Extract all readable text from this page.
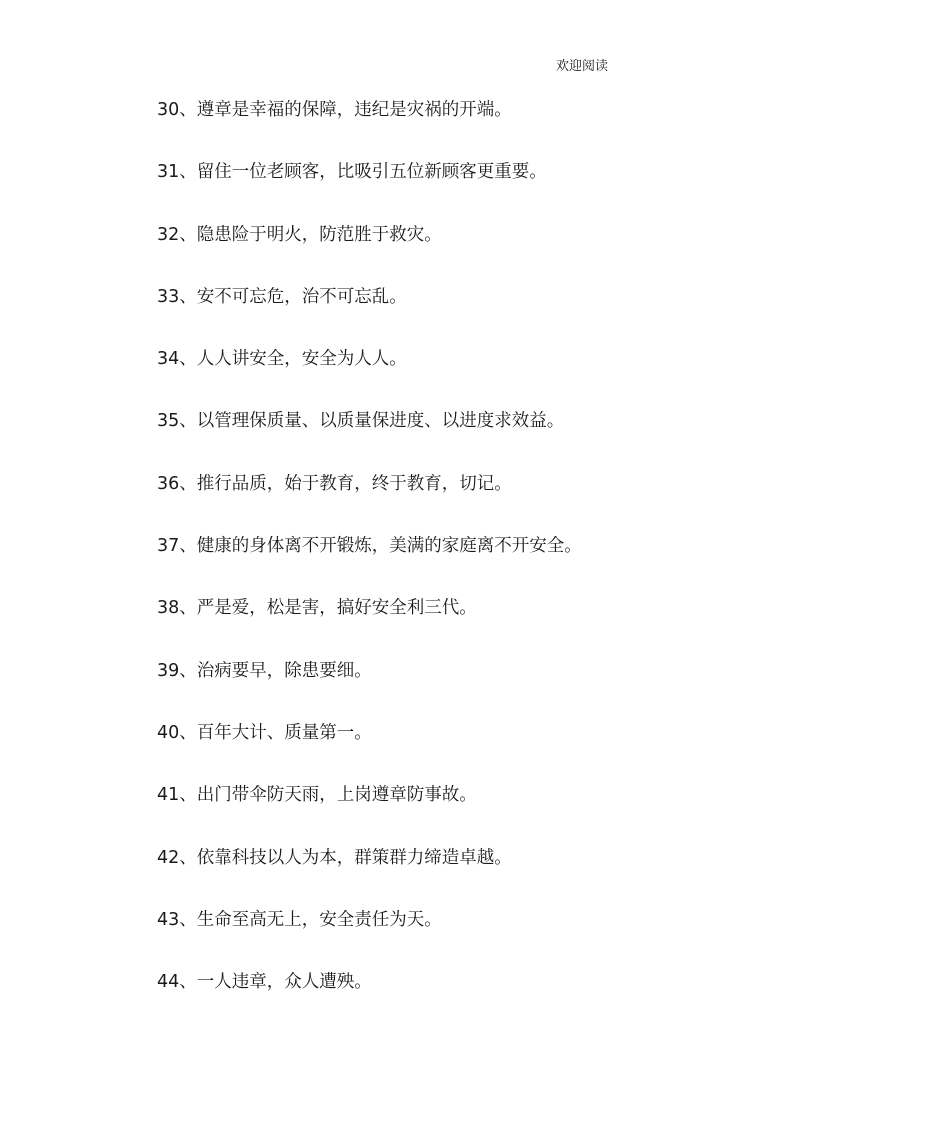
欢迎阅读
30、遵章是幸福的保障，违纪是灾祸的开端。
31、留住一位老顾客，比吸引五位新顾客更重要。
32、隐患险于明火，防范胜于救灾。
33、安不可忘危，治不可忘乱。
34、人人讲安全，安全为人人。
35、以管理保质量、以质量保进度、以进度求效益。
36、推行品质，始于教育，终于教育，切记。
37、健康的身体离不开锻炼，美满的家庭离不开安全。
38、严是爱，松是害，搞好安全利三代。
39、治病要早，除患要细。
40、百年大计、质量第一。
41、出门带伞防天雨，上岗遵章防事故。
42、依靠科技以人为本，群策群力缔造卓越。
43、生命至高无上，安全责任为天。
44、一人违章，众人遭殃。
